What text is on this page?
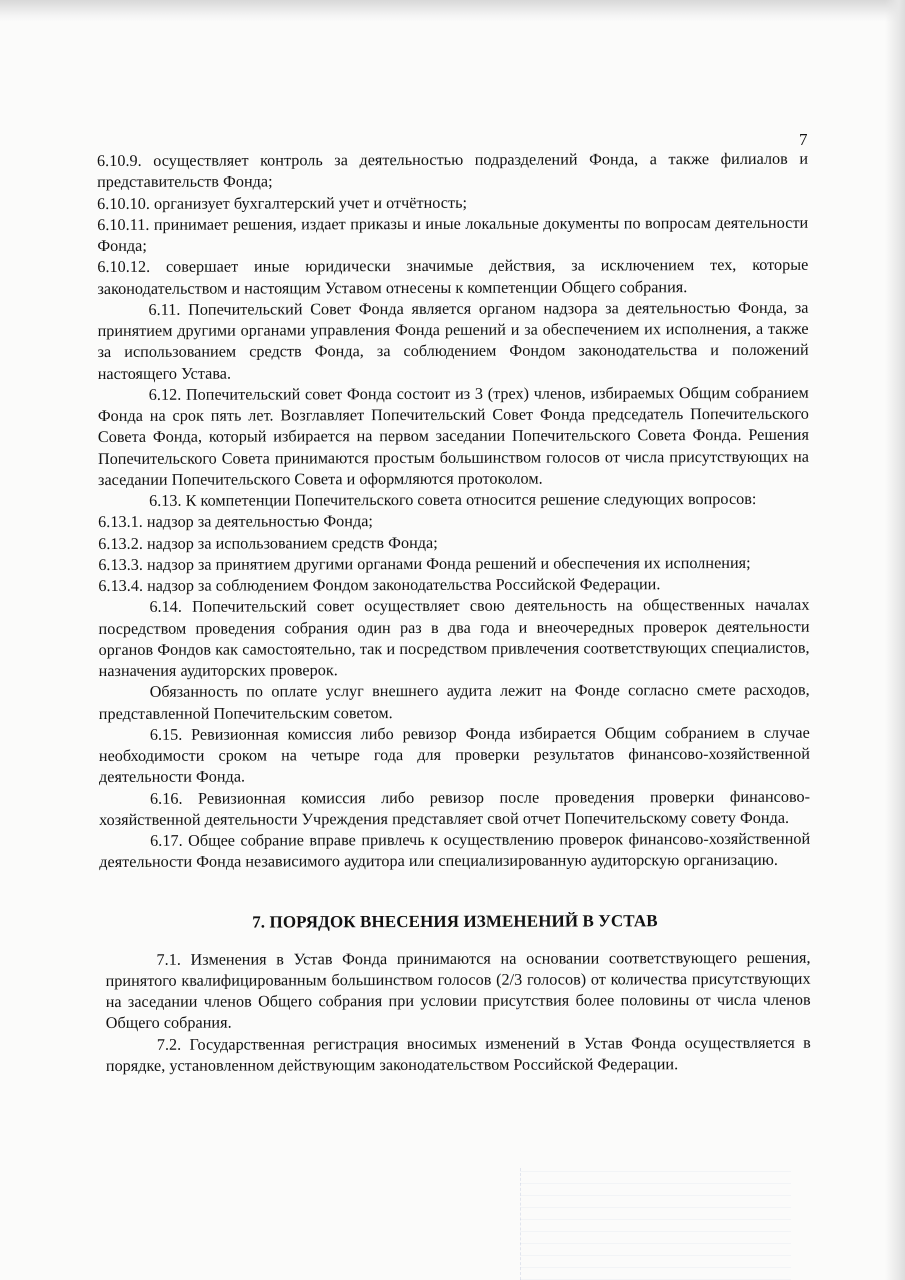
7

6.10.9. осуществляет контроль за деятельностью подразделений Фонда, а также филиалов и представительств Фонда;

6.10.10. организует бухгалтерский учет и отчётность;

6.10.11. принимает решения, издает приказы и иные локальные документы по вопросам деятельности Фонда;

6.10.12. совершает иные юридически значимые действия, за исключением тех, которые законодательством и настоящим Уставом отнесены к компетенции Общего собрания.

6.11. Попечительский Совет Фонда является органом надзора за деятельностью Фонда, за принятием другими органами управления Фонда решений и за обеспечением их исполнения, а также за использованием средств Фонда, за соблюдением Фондом законодательства и положений настоящего Устава.

6.12. Попечительский совет Фонда состоит из 3 (трех) членов, избираемых Общим собранием Фонда на срок пять лет. Возглавляет Попечительский Совет Фонда председатель Попечительского Совета Фонда, который избирается на первом заседании Попечительского Совета Фонда. Решения Попечительского Совета принимаются простым большинством голосов от числа присутствующих на заседании Попечительского Совета и оформляются протоколом.

6.13. К компетенции Попечительского совета относится решение следующих вопросов:

6.13.1. надзор за деятельностью Фонда;

6.13.2. надзор за использованием средств Фонда;

6.13.3. надзор за принятием другими органами Фонда решений и обеспечения их исполнения;

6.13.4. надзор за соблюдением Фондом законодательства Российской Федерации.

6.14. Попечительский совет осуществляет свою деятельность на общественных началах посредством проведения собрания один раз в два года и внеочередных проверок деятельности органов Фондов как самостоятельно, так и посредством привлечения соответствующих специалистов, назначения аудиторских проверок.

Обязанность по оплате услуг внешнего аудита лежит на Фонде согласно смете расходов, представленной Попечительским советом.

6.15. Ревизионная комиссия либо ревизор Фонда избирается Общим собранием в случае необходимости сроком на четыре года для проверки результатов финансово-хозяйственной деятельности Фонда.

6.16. Ревизионная комиссия либо ревизор после проведения проверки финансово-хозяйственной деятельности Учреждения представляет свой отчет Попечительскому совету Фонда.

6.17. Общее собрание вправе привлечь к осуществлению проверок финансово-хозяйственной деятельности Фонда независимого аудитора или специализированную аудиторскую организацию.

7. ПОРЯДОК ВНЕСЕНИЯ ИЗМЕНЕНИЙ В УСТАВ

7.1. Изменения в Устав Фонда принимаются на основании соответствующего решения, принятого квалифицированным большинством голосов (2/3 голосов) от количества присутствующих на заседании членов Общего собрания при условии присутствия более половины от числа членов Общего собрания.

7.2. Государственная регистрация вносимых изменений в Устав Фонда осуществляется в порядке, установленном действующим законодательством Российской Федерации.
